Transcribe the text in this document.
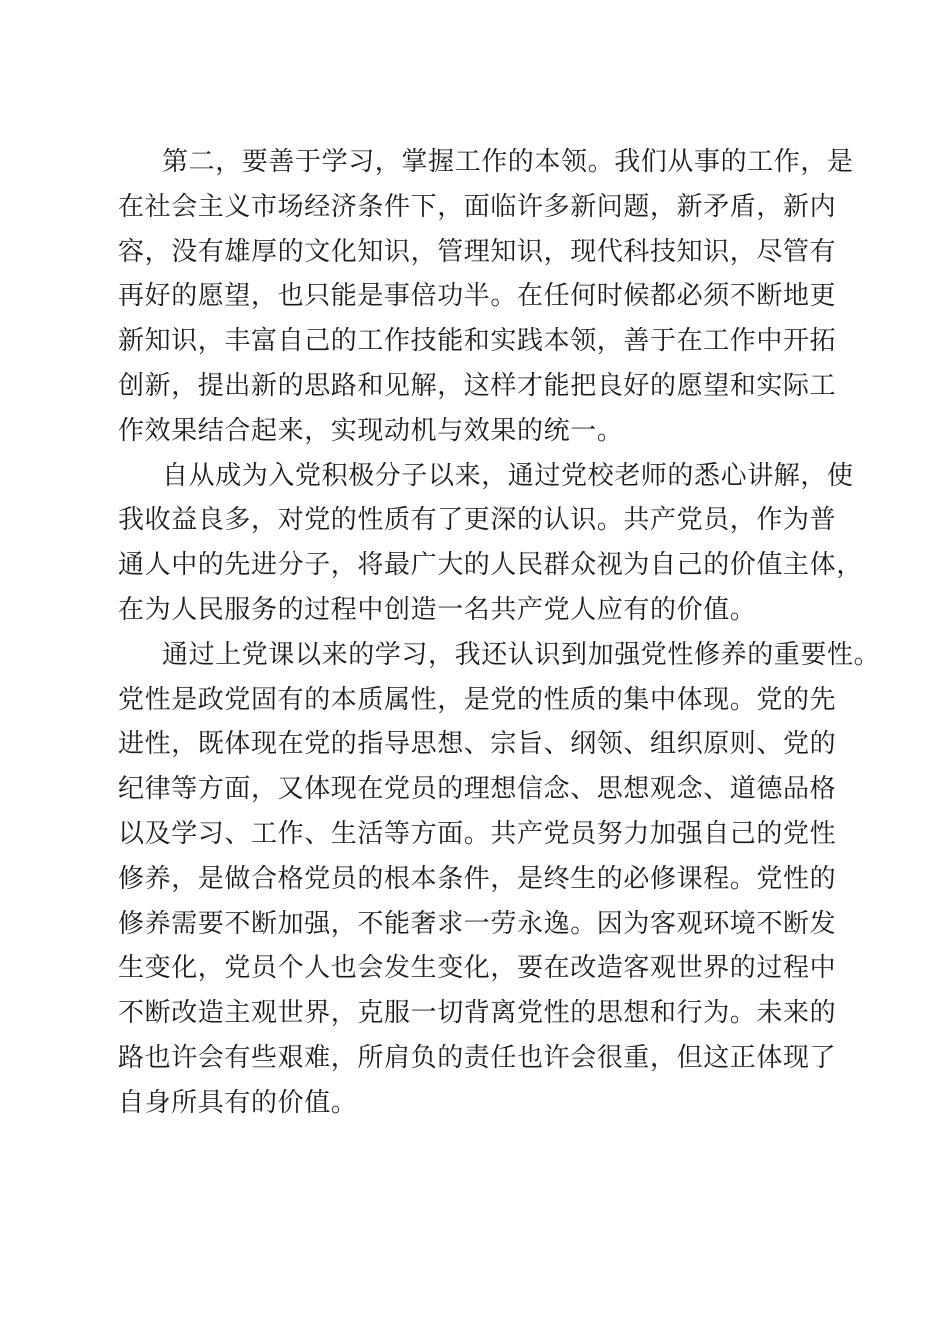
第二，要善于学习，掌握工作的本领。我们从事的工作，是
在社会主义市场经济条件下，面临许多新问题，新矛盾，新内
容，没有雄厚的文化知识，管理知识，现代科技知识，尽管有
再好的愿望，也只能是事倍功半。在任何时候都必须不断地更
新知识，丰富自己的工作技能和实践本领，善于在工作中开拓
创新，提出新的思路和见解，这样才能把良好的愿望和实际工
作效果结合起来，实现动机与效果的统一。
自从成为入党积极分子以来，通过党校老师的悉心讲解，使
我收益良多，对党的性质有了更深的认识。共产党员，作为普
通人中的先进分子，将最广大的人民群众视为自己的价值主体，
在为人民服务的过程中创造一名共产党人应有的价值。
通过上党课以来的学习，我还认识到加强党性修养的重要性。
党性是政党固有的本质属性，是党的性质的集中体现。党的先
进性，既体现在党的指导思想、宗旨、纲领、组织原则、党的
纪律等方面，又体现在党员的理想信念、思想观念、道德品格
以及学习、工作、生活等方面。共产党员努力加强自己的党性
修养，是做合格党员的根本条件，是终生的必修课程。党性的
修养需要不断加强，不能奢求一劳永逸。因为客观环境不断发
生变化，党员个人也会发生变化，要在改造客观世界的过程中
不断改造主观世界，克服一切背离党性的思想和行为。未来的
路也许会有些艰难，所肩负的责任也许会很重，但这正体现了
自身所具有的价值。
